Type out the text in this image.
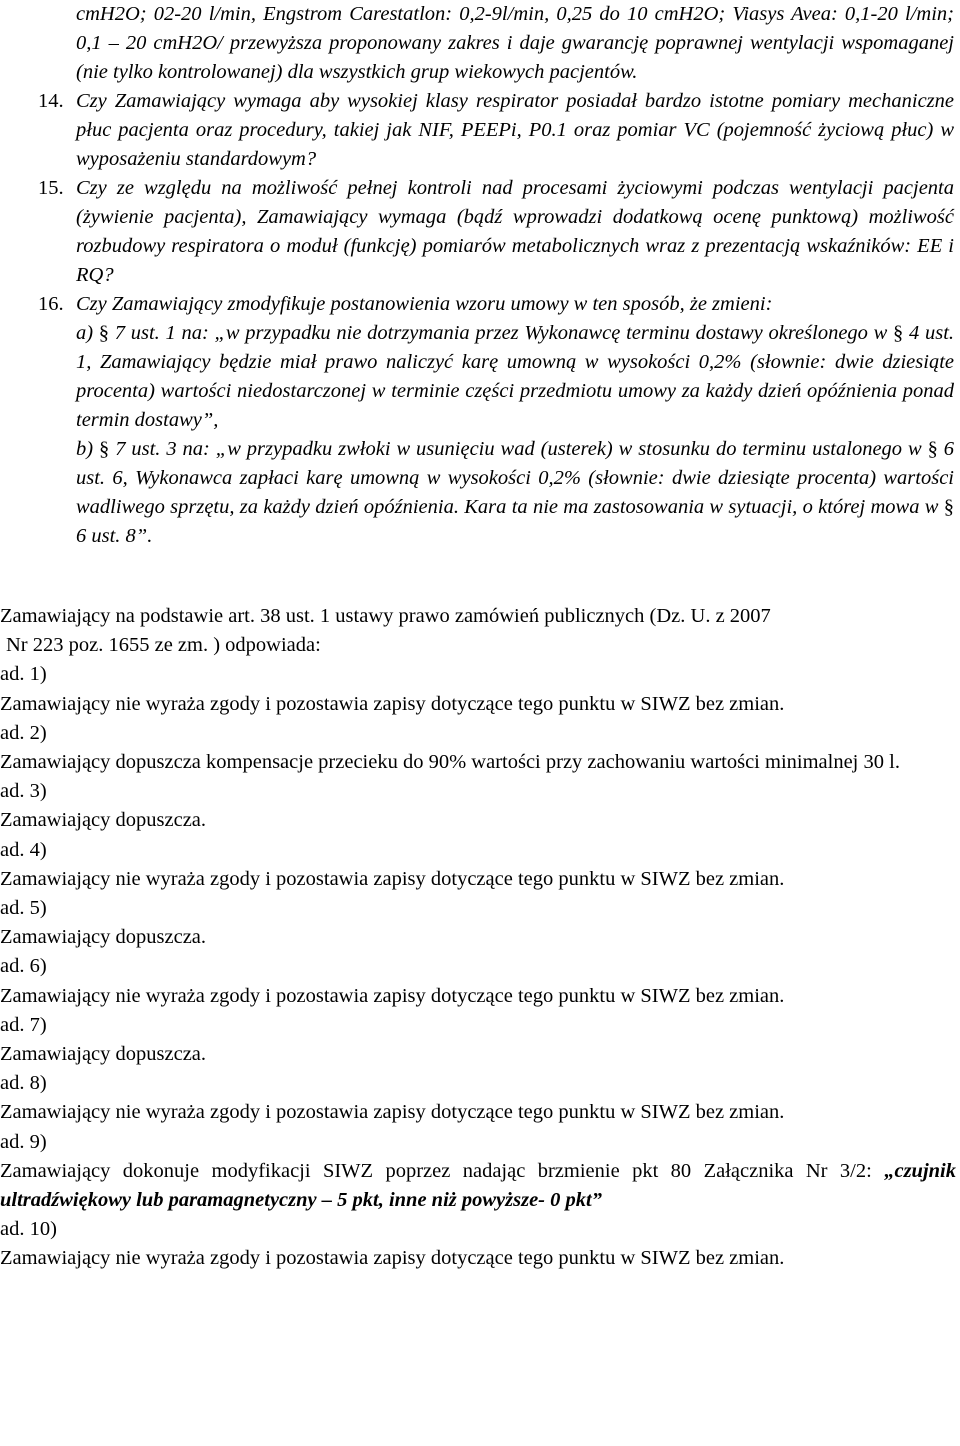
cmH2O; 02-20 l/min, Engstrom Carestatlon: 0,2-9l/min, 0,25 do 10 cmH2O; Viasys Avea: 0,1-20 l/min; 0,1 – 20 cmH2O/ przewyższa proponowany zakres i daje gwarancję poprawnej wentylacji wspomaganej (nie tylko kontrolowanej) dla wszystkich grup wiekowych pacjentów.
14. Czy Zamawiający wymaga aby wysokiej klasy respirator posiadał bardzo istotne pomiary mechaniczne płuc pacjenta oraz procedury, takiej jak NIF, PEEPi, P0.1 oraz pomiar VC (pojemność życiową płuc) w wyposażeniu standardowym?
15. Czy ze względu na możliwość pełnej kontroli nad procesami życiowymi podczas wentylacji pacjenta (żywienie pacjenta), Zamawiający wymaga (bądź wprowadzi dodatkową ocenę punktową) możliwość rozbudowy respiratora o moduł (funkcję) pomiarów metabolicznych wraz z prezentacją wskaźników: EE i RQ?
16. Czy Zamawiający zmodyfikuje postanowienia wzoru umowy w ten sposób, że zmieni:
a) § 7 ust. 1 na: „w przypadku nie dotrzymania przez Wykonawcę terminu dostawy określonego w § 4 ust. 1, Zamawiający będzie miał prawo naliczyć karę umowną w wysokości 0,2% (słownie: dwie dziesiąte procenta) wartości niedostarczonej w terminie części przedmiotu umowy za każdy dzień opóźnienia ponad termin dostawy”,
b) § 7 ust. 3 na: „w przypadku zwłoki w usunięciu wad (usterek) w stosunku do terminu ustalonego w § 6 ust. 6, Wykonawca zapłaci karę umowną w wysokości 0,2% (słownie: dwie dziesiąte procenta) wartości wadliwego sprzętu, za każdy dzień opóźnienia. Kara ta nie ma zastosowania w sytuacji, o której mowa w § 6 ust. 8”.

Zamawiający na podstawie art. 38 ust. 1 ustawy prawo zamówień publicznych (Dz. U. z 2007
Nr 223 poz. 1655 ze zm. ) odpowiada:

ad. 1)

Zamawiający nie wyraża zgody i pozostawia zapisy dotyczące tego punktu w SIWZ bez zmian.

ad. 2)

Zamawiający dopuszcza kompensacje przecieku do 90% wartości przy zachowaniu wartości minimalnej 30 l.

ad. 3)

Zamawiający dopuszcza.

ad. 4)

Zamawiający nie wyraża zgody i pozostawia zapisy dotyczące tego punktu w SIWZ bez zmian.

ad. 5)

Zamawiający dopuszcza.

ad. 6)

Zamawiający nie wyraża zgody i pozostawia zapisy dotyczące tego punktu w SIWZ bez zmian.

ad. 7)

Zamawiający dopuszcza.

ad. 8)

Zamawiający nie wyraża zgody i pozostawia zapisy dotyczące tego punktu w SIWZ bez zmian.

ad. 9)

Zamawiający dokonuje modyfikacji SIWZ poprzez nadając brzmienie pkt 80 Załącznika Nr 3/2: „czujnik ultradźwiękowy lub paramagnetyczny – 5 pkt, inne niż powyższe- 0 pkt”

ad. 10)

Zamawiający nie wyraża zgody i pozostawia zapisy dotyczące tego punktu w SIWZ bez zmian.
